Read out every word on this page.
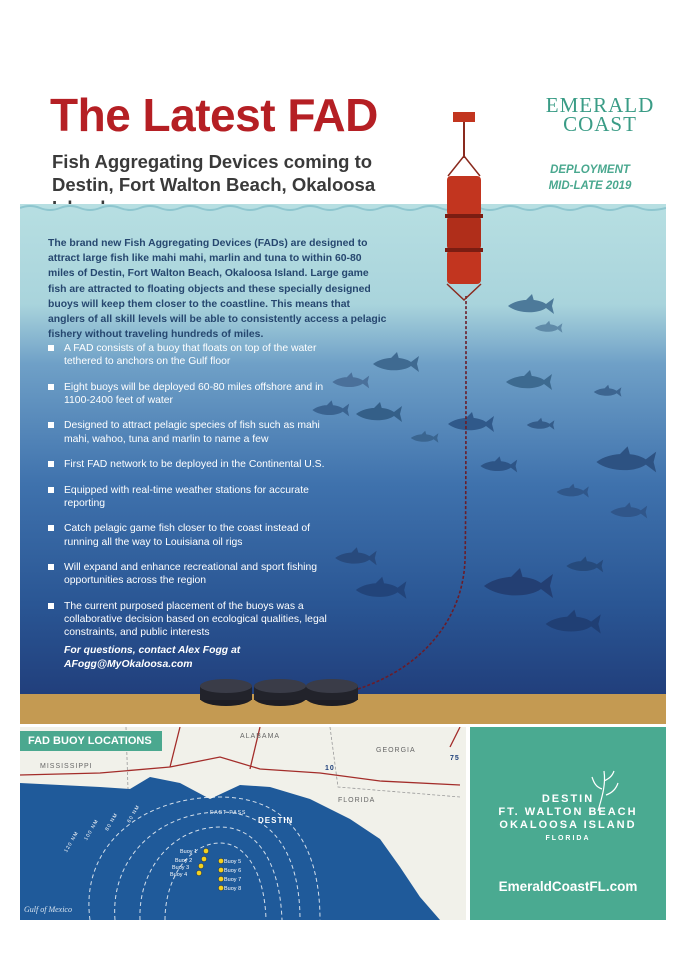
The Latest FAD
Fish Aggregating Devices coming to Destin, Fort Walton Beach, Okaloosa
EMERALD
COAST
DEPLOYMENT
MID-LATE 2019
The brand new Fish Aggregating Devices (FADs) are designed to attract large fish like mahi mahi, marlin and tuna to within 60-80 miles of Destin, Fort Walton Beach, Okaloosa Island. Large game fish are attracted to floating objects and these specially designed buoys will keep them closer to the coastline. This means that anglers of all skill levels will be able to consistently access a pelagic fishery without traveling hundreds of miles.
A FAD consists of a buoy that floats on top of the water tethered to anchors on the Gulf floor
Eight buoys will be deployed 60-80 miles offshore and in 1100-2400 feet of water
Designed to attract pelagic species of fish such as mahi mahi, wahoo, tuna and marlin to name a few
First FAD network to be deployed in the Continental U.S.
Equipped with real-time weather stations for accurate reporting
Catch pelagic game fish closer to the coast instead of running all the way to Louisiana oil rigs
Will expand and enhance recreational and sport fishing opportunities across the region
The current purposed placement of the buoys was a collaborative decision based on ecological qualities, legal constraints, and public interests
For questions, contact Alex Fogg at
AFogg@MyOkaloosa.com
ALABAMA
GEORGIA
MISSISSIPPI
FLORIDA
10
75
DESTIN
EAST PASS
120 NM
100 NM 80 NM 60 NM
Buoy 1
Buoy 2
Buoy 3
Buoy 4
Buoy 5
Buoy 6
Buoy 7
Buoy 8
Gulf of Mexico
FAD BUOY LOCATIONS
DESTIN
FT. WALTON BEACH
OKALOOSA ISLAND
FLORIDA
EmeraldCoastFL.com
